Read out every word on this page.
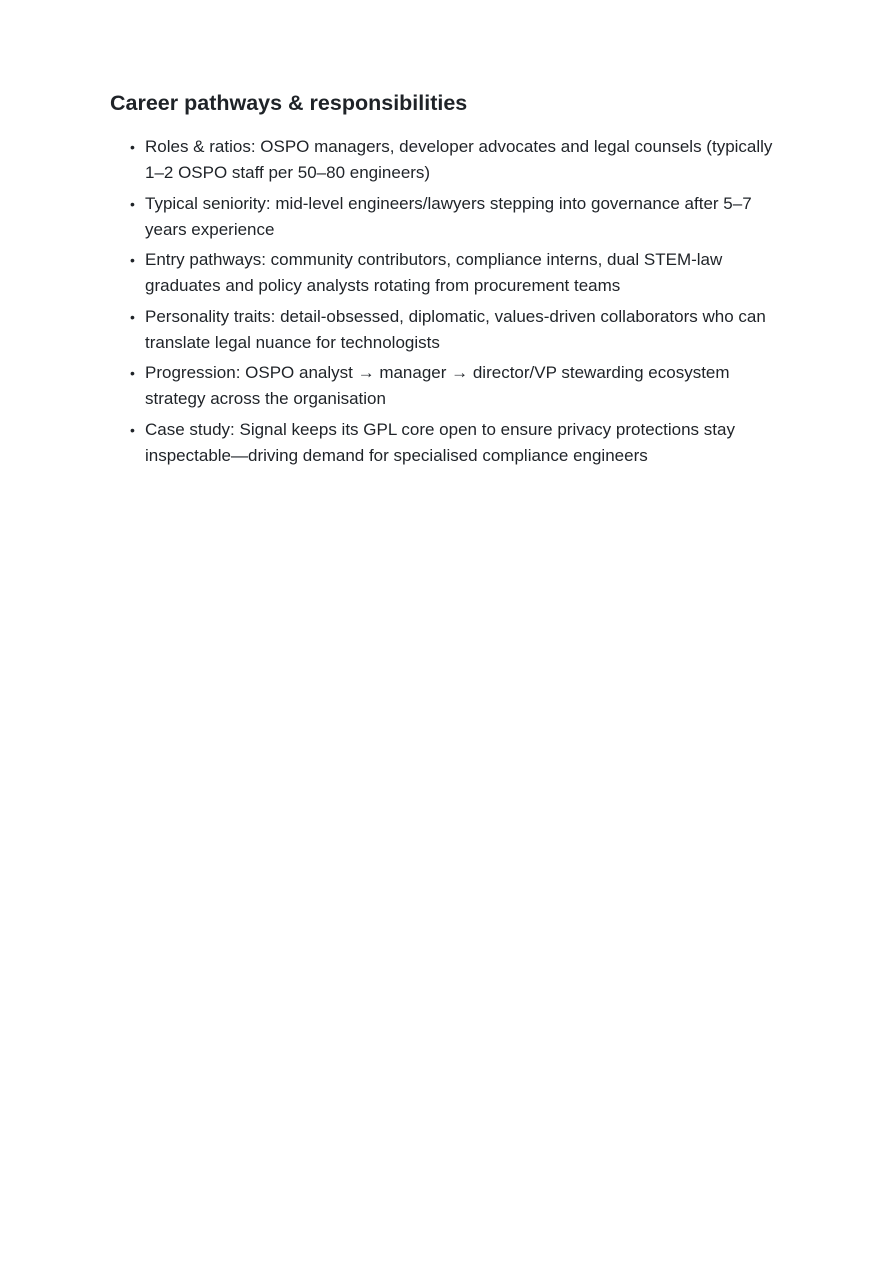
Career pathways & responsibilities
• Roles & ratios: OSPO managers, developer advocates and legal counsels (typically 1–2 OSPO staff per 50–80 engineers)
• Typical seniority: mid-level engineers/lawyers stepping into governance after 5–7 years experience
• Entry pathways: community contributors, compliance interns, dual STEM-law graduates and policy analysts rotating from procurement teams
• Personality traits: detail-obsessed, diplomatic, values-driven collaborators who can translate legal nuance for technologists
• Progression: OSPO analyst → manager → director/VP stewarding ecosystem strategy across the organisation
• Case study: Signal keeps its GPL core open to ensure privacy protections stay inspectable—driving demand for specialised compliance engineers
